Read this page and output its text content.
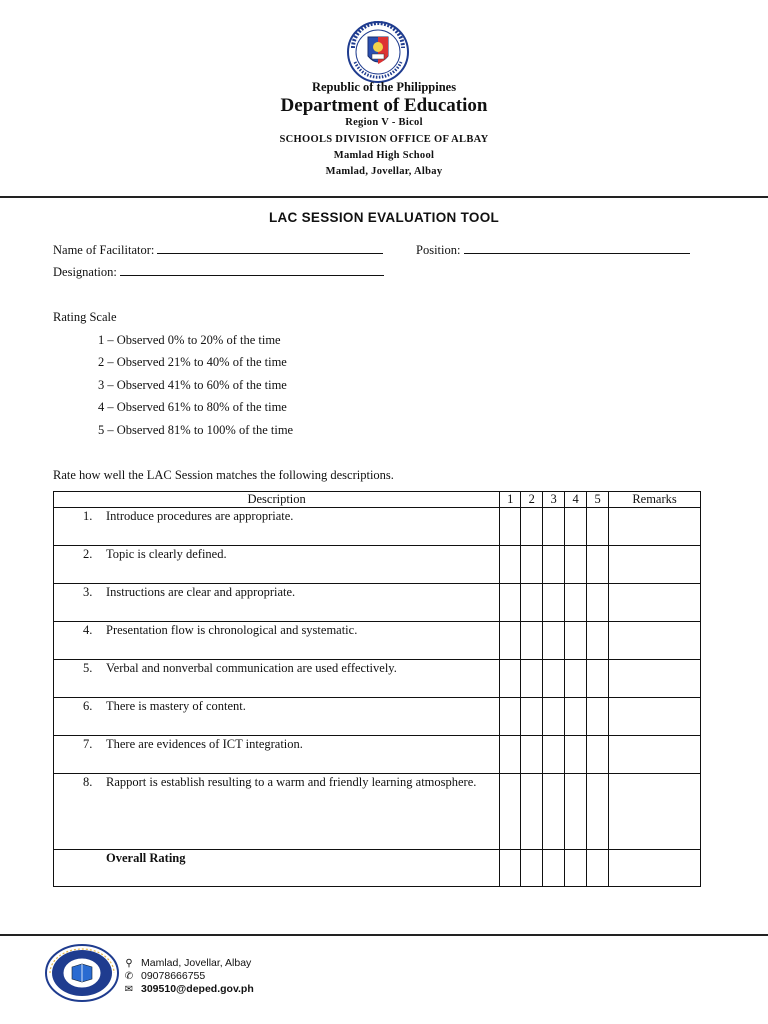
Republic of the Philippines
Department of Education
Region V - Bicol
SCHOOLS DIVISION OFFICE OF ALBAY
Mamlad High School
Mamlad, Jovellar, Albay
LAC SESSION EVALUATION TOOL
Name of Facilitator:	Position:
Designation:
Rating Scale
1 – Observed 0% to 20% of the time
2 – Observed 21% to 40% of the time
3 – Observed 41% to 60% of the time
4 – Observed 61% to 80% of the time
5 – Observed 81% to 100% of the time
Rate how well the LAC Session matches the following descriptions.
Description	1	2	3	4	5	Remarks

1. Introduce procedures are appropriate.						

2. Topic is clearly defined.						

3. Instructions are clear and appropriate.						

4. Presentation flow is chronological and systematic.						

5. Verbal and nonverbal communication are used effectively.						

6. There is mastery of content.						

7. There are evidences of ICT integration.						

8. Rapport is establish resulting to a warm and friendly learning atmosphere.						

Overall Rating						

⚲ Mamlad, Jovellar, Albay
✆ 09078666755
✉ 309510@deped.gov.ph
